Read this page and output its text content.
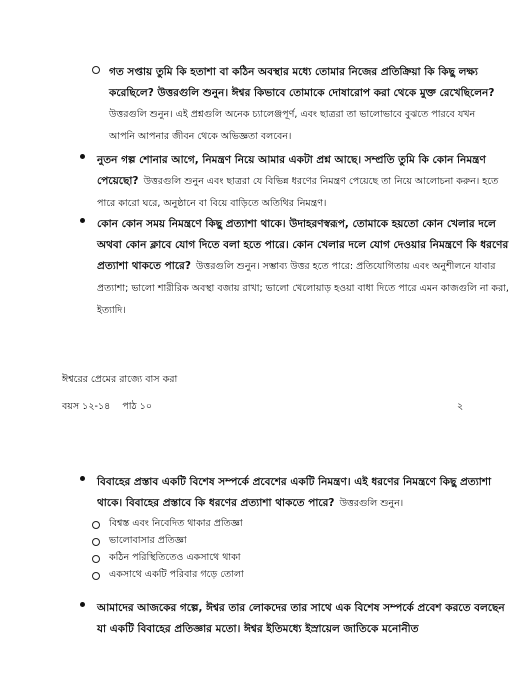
গত সপ্তায় তুমি কি হতাশা বা কঠিন অবস্থার মধ্যে তোমার নিজের প্রতিক্রিয়া কি কিছু লক্ষ্য করেছিলে? উত্তরগুলি শুনুন। ঈশ্বর কিভাবে তোমাকে দোষারোপ করা থেকে মুক্ত রেখেছিলেন? উত্তরগুলি শুনুন। এই প্রশ্নগুলি অনেক চ্যালেঞ্জপূর্ণ, এবং ছাত্ররা তা ভালোভাবে বুঝতে পারবে যখন আপনি আপনার জীবন থেকে অভিজ্ঞতা বলবেন।
নুতন গল্প শোনার আগে, নিমন্ত্রণ নিয়ে আমার একটা প্রশ্ন আছে। সম্প্রতি তুমি কি কোন নিমন্ত্রণ পেয়েছো? উত্তরগুলি শুনুন এবং ছাত্ররা যে বিভিন্ন ধরণের নিমন্ত্রণ পেয়েছে তা নিয়ে আলোচনা করুন। হতে পারে কারো ঘরে, অনুষ্ঠানে বা বিয়ে বাড়িতে অতিথির নিমন্ত্রণ।
কোন কোন সময় নিমন্ত্রণে কিছু প্রত্যাশা থাকে। উদাহরণস্বরূপ, তোমাকে হয়তো কোন খেলার দলে অথবা কোন ক্লাবে যোগ দিতে বলা হতে পারে। কোন খেলার দলে যোগ দেওয়ার নিমন্ত্রণে কি ধরণের প্রত্যাশা থাকতে পারে? উত্তরগুলি শুনুন। সম্ভাব্য উত্তর হতে পারে: প্রতিযোগিতায় এবং অনুশীলনে যাবার প্রত্যাশা; ভালো শারীরিক অবস্থা বজায় রাখা; ভালো খেলোয়াড় হওয়া বাধা দিতে পারে এমন কাজগুলি না করা, ইত্যাদি।
ঈশ্বরের প্রেমের রাজ্যে বাস করা
বয়স ১২-১৪    পাঠ ১০	২
বিবাহের প্রস্তাব একটি বিশেষ সম্পর্কে প্রবেশের একটি নিমন্ত্রণ। এই ধরণের নিমন্ত্রণে কিছু প্রত্যাশা থাকে। বিবাহের প্রস্তাবে কি ধরণের প্রত্যাশা থাকতে পারে? উত্তরগুলি শুনুন।
বিশ্বস্ত এবং নিবেদিত থাকার প্রতিজ্ঞা
ভালোবাসার প্রতিজ্ঞা
কঠিন পরিস্থিতিতেও একসাথে থাকা
একসাথে একটি পরিবার গড়ে তোলা
আমাদের আজকের গল্পে, ঈশ্বর তার লোকদের তার সাথে এক বিশেষ সম্পর্কে প্রবেশ করতে বলছেন যা একটি বিবাহের প্রতিজ্ঞার মতো। ঈশ্বর ইতিমধ্যে ইস্রায়েল জাতিকে মনোনীত
